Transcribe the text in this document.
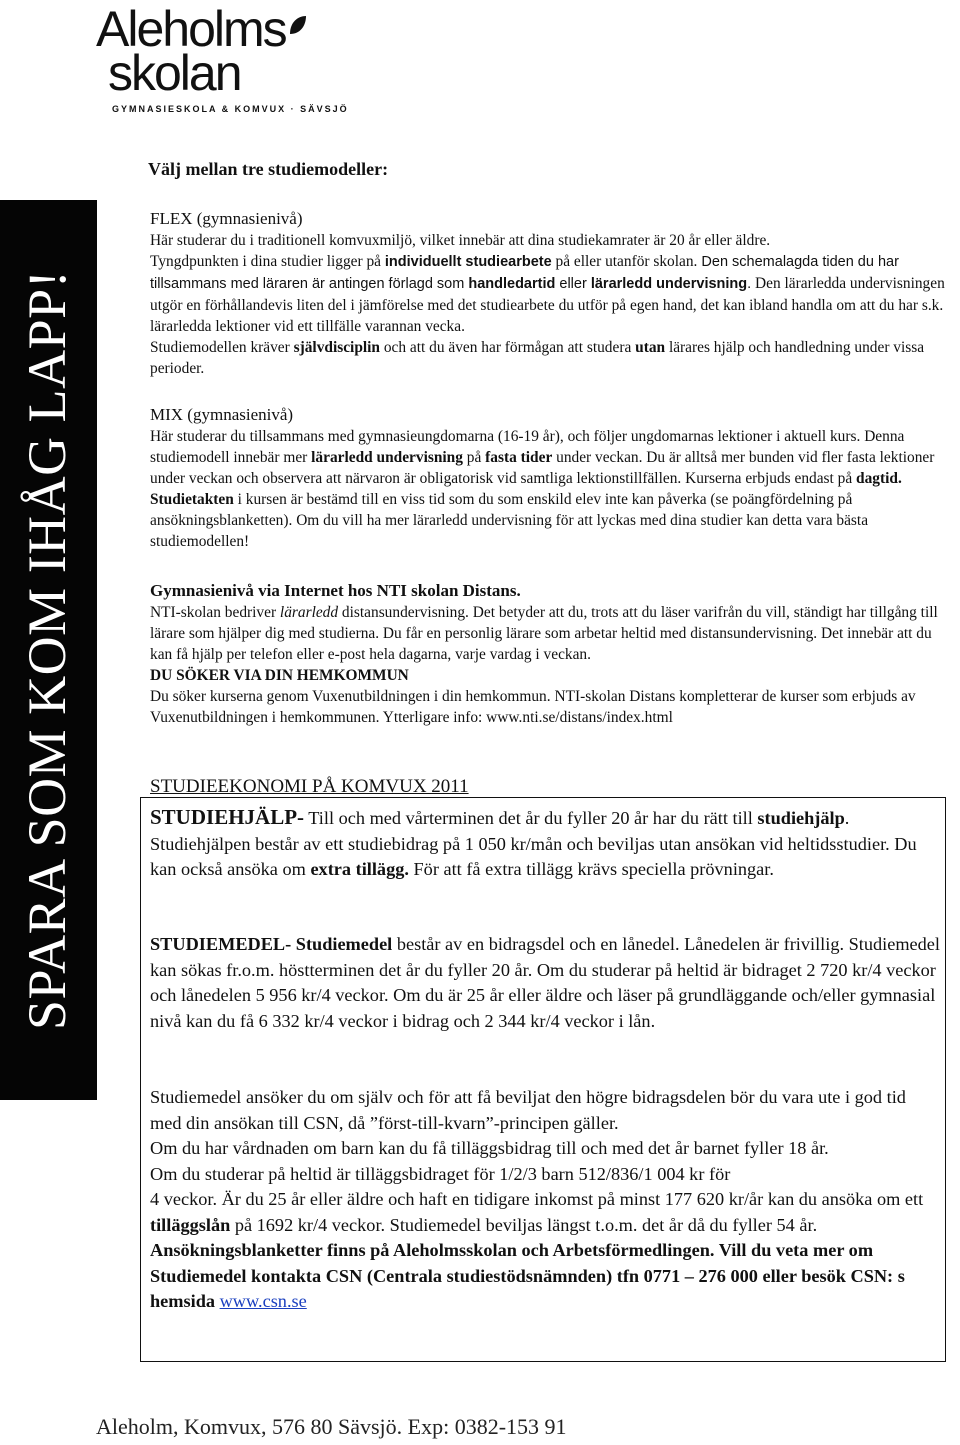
Aleholms
skolan
GYMNASIESKOLA & KOMVUX · SÄVSJÖ
SPARA SOM KOM IHÅG LAPP!
Välj mellan tre studiemodeller:
FLEX (gymnasienivå)
Här studerar du i traditionell komvuxmiljö, vilket innebär att dina studiekamrater är 20 år eller äldre.
Tyngdpunkten i dina studier ligger på individuellt studiearbete på eller utanför skolan. Den schemalagda tiden du har tillsammans med läraren är antingen förlagd som handledartid eller lärarledd undervisning. Den lärarledda undervisningen utgör en förhållandevis liten del i jämförelse med det studiearbete du utför på egen hand, det kan ibland handla om att du har s.k. lärarledda lektioner vid ett tillfälle varannan vecka.
Studiemodellen kräver självdisciplin och att du även har förmågan att studera utan lärares hjälp och handledning under vissa perioder.
MIX (gymnasienivå)
Här studerar du tillsammans med gymnasieungdomarna (16-19 år), och följer ungdomarnas lektioner i aktuell kurs. Denna studiemodell innebär mer lärarledd undervisning på fasta tider under veckan. Du är alltså mer bunden vid fler fasta lektioner under veckan och observera att närvaron är obligatorisk vid samtliga lektionstillfällen. Kurserna erbjuds endast på dagtid. Studietakten i kursen är bestämd till en viss tid som du som enskild elev inte kan påverka (se poängfördelning på ansökningsblanketten). Om du vill ha mer lärarledd undervisning för att lyckas med dina studier kan detta vara bästa studiemodellen!
Gymnasienivå via Internet hos NTI skolan Distans.
NTI-skolan bedriver lärarledd distansundervisning. Det betyder att du, trots att du läser varifrån du vill, ständigt har tillgång till lärare som hjälper dig med studierna. Du får en personlig lärare som arbetar heltid med distansundervisning. Det innebär att du kan få hjälp per telefon eller e-post hela dagarna, varje vardag i veckan.
DU SÖKER VIA DIN HEMKOMMUN
Du söker kurserna genom Vuxenutbildningen i din hemkommun. NTI-skolan Distans kompletterar de kurser som erbjuds av Vuxenutbildningen i hemkommunen. Ytterligare info: www.nti.se/distans/index.html
STUDIEEKONOMI PÅ KOMVUX 2011
STUDIEHJÄLP- Till och med vårterminen det år du fyller 20 år har du rätt till studiehjälp. Studiehjälpen består av ett studiebidrag på 1 050 kr/mån och beviljas utan ansökan vid heltidsstudier. Du kan också ansöka om extra tillägg. För att få extra tillägg krävs speciella prövningar.
STUDIEMEDEL- Studiemedel består av en bidragsdel och en lånedel. Lånedelen är frivillig. Studiemedel kan sökas fr.o.m. höstterminen det år du fyller 20 år. Om du studerar på heltid är bidraget 2 720 kr/4 veckor och lånedelen 5 956 kr/4 veckor. Om du är 25 år eller äldre och läser på grundläggande och/eller gymnasial nivå kan du få 6 332 kr/4 veckor i bidrag och 2 344 kr/4 veckor i lån.
Studiemedel ansöker du om själv och för att få beviljat den högre bidragsdelen bör du vara ute i god tid med din ansökan till CSN, då ”först-till-kvarn”-principen gäller.
Om du har vårdnaden om barn kan du få tilläggsbidrag till och med det år barnet fyller 18 år.
Om du studerar på heltid är tilläggsbidraget för 1/2/3 barn 512/836/1 004 kr för
4 veckor. Är du 25 år eller äldre och haft en tidigare inkomst på minst 177 620 kr/år kan du ansöka om ett tilläggslån på 1692 kr/4 veckor. Studiemedel beviljas längst t.o.m. det år då du fyller 54 år.
Ansökningsblanketter finns på Aleholmsskolan och Arbetsförmedlingen. Vill du veta mer om Studiemedel kontakta CSN (Centrala studiestödsnämnden) tfn 0771 – 276 000 eller besök CSN: s hemsida www.csn.se
Aleholm, Komvux, 576 80 Sävsjö. Exp: 0382-153 91
